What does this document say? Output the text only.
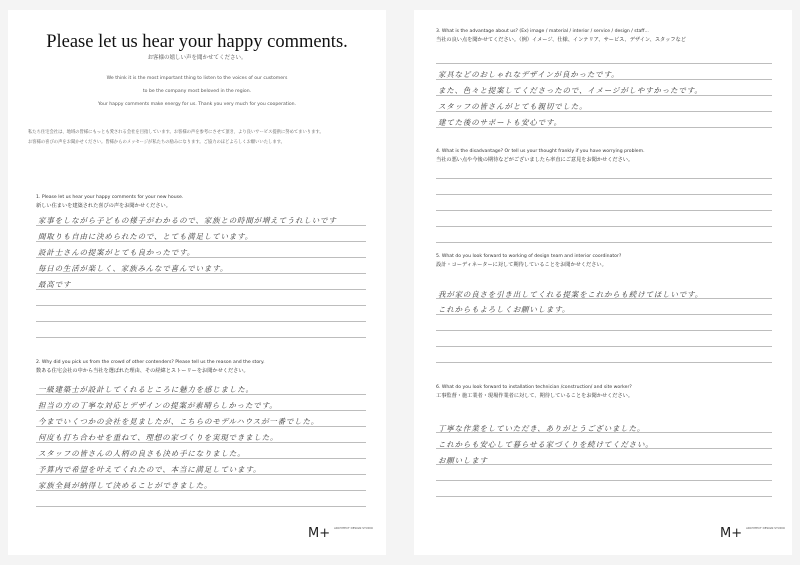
Please let us hear your happy comments.
お客様の嬉しい声を聞かせてください。

We think it is the most important thing to listen to the voices of our customers

to be the company most beloved in the region.

Your happy comments make energy for us. Thank you very much for you cooperation.

私たち住宅会社は、地域の皆様にもっとも愛される会社を目指しています。お客様の声を参考にさせて頂き、より良いサービス提供に努めてまいります。

お客様の喜びの声をお聞かせください。皆様からのメッセージが私たちの励みになります。ご協力のほどよろしくお願いいたします。

1. Please let us hear your happy comments for your new house.
新しい住まいを建築された喜びの声をお聞かせください。
家事をしながら子どもの様子がわかるので、家族との時間が増えてうれしいです
間取りも自由に決められたので、とても満足しています。
設計士さんの提案がとても良かったです。
毎日の生活が楽しく、家族みんなで喜んでいます。
最高です
2. Why did you pick us from the crowd of other contenders? Please tell us the reason and the story.
数ある住宅会社の中から当社を選ばれた理由、その経緯とストーリーをお聞かせください。
一級建築士が設計してくれるところに魅力を感じました。
担当の方の丁寧な対応とデザインの提案が素晴らしかったです。
今までいくつかの会社を見ましたが、こちらのモデルハウスが一番でした。
何度も打ち合わせを重ねて、理想の家づくりを実現できました。
スタッフの皆さんの人柄の良さも決め手になりました。
予算内で希望を叶えてくれたので、本当に満足しています。
家族全員が納得して決めることができました。
M+ ARCHITECT DESIGN STUDIO
3. What is the advantage about us? (Ex) image / material / interior / service / design / staff...
当社の良い点を聞かせてください。（例）イメージ、仕様、インテリア、サービス、デザイン、スタッフなど
家具などのおしゃれなデザインが良かったです。
また、色々と提案してくださったので、イメージがしやすかったです。
スタッフの皆さんがとても親切でした。
建てた後のサポートも安心です。
4. What is the disadvantage? Or tell us your thought frankly if you have worrying problem.
当社の悪い点や今後の期待などがございましたら率直にご意見をお聞かせください。
5. What do you look forward to working of design team and interior coordinator?
設計・コーディネーターに対して期待していることをお聞かせください。
我が家の良さを引き出してくれる提案をこれからも続けてほしいです。
これからもよろしくお願いします。
6. What do you look forward to installation technician /construction/ and site worker?
工事監督・施工業者・現場作業者に対して、期待していることをお聞かせください。
丁寧な作業をしていただき、ありがとうございました。
これからも安心して暮らせる家づくりを続けてください。
お願いします
M+ ARCHITECT DESIGN STUDIO
